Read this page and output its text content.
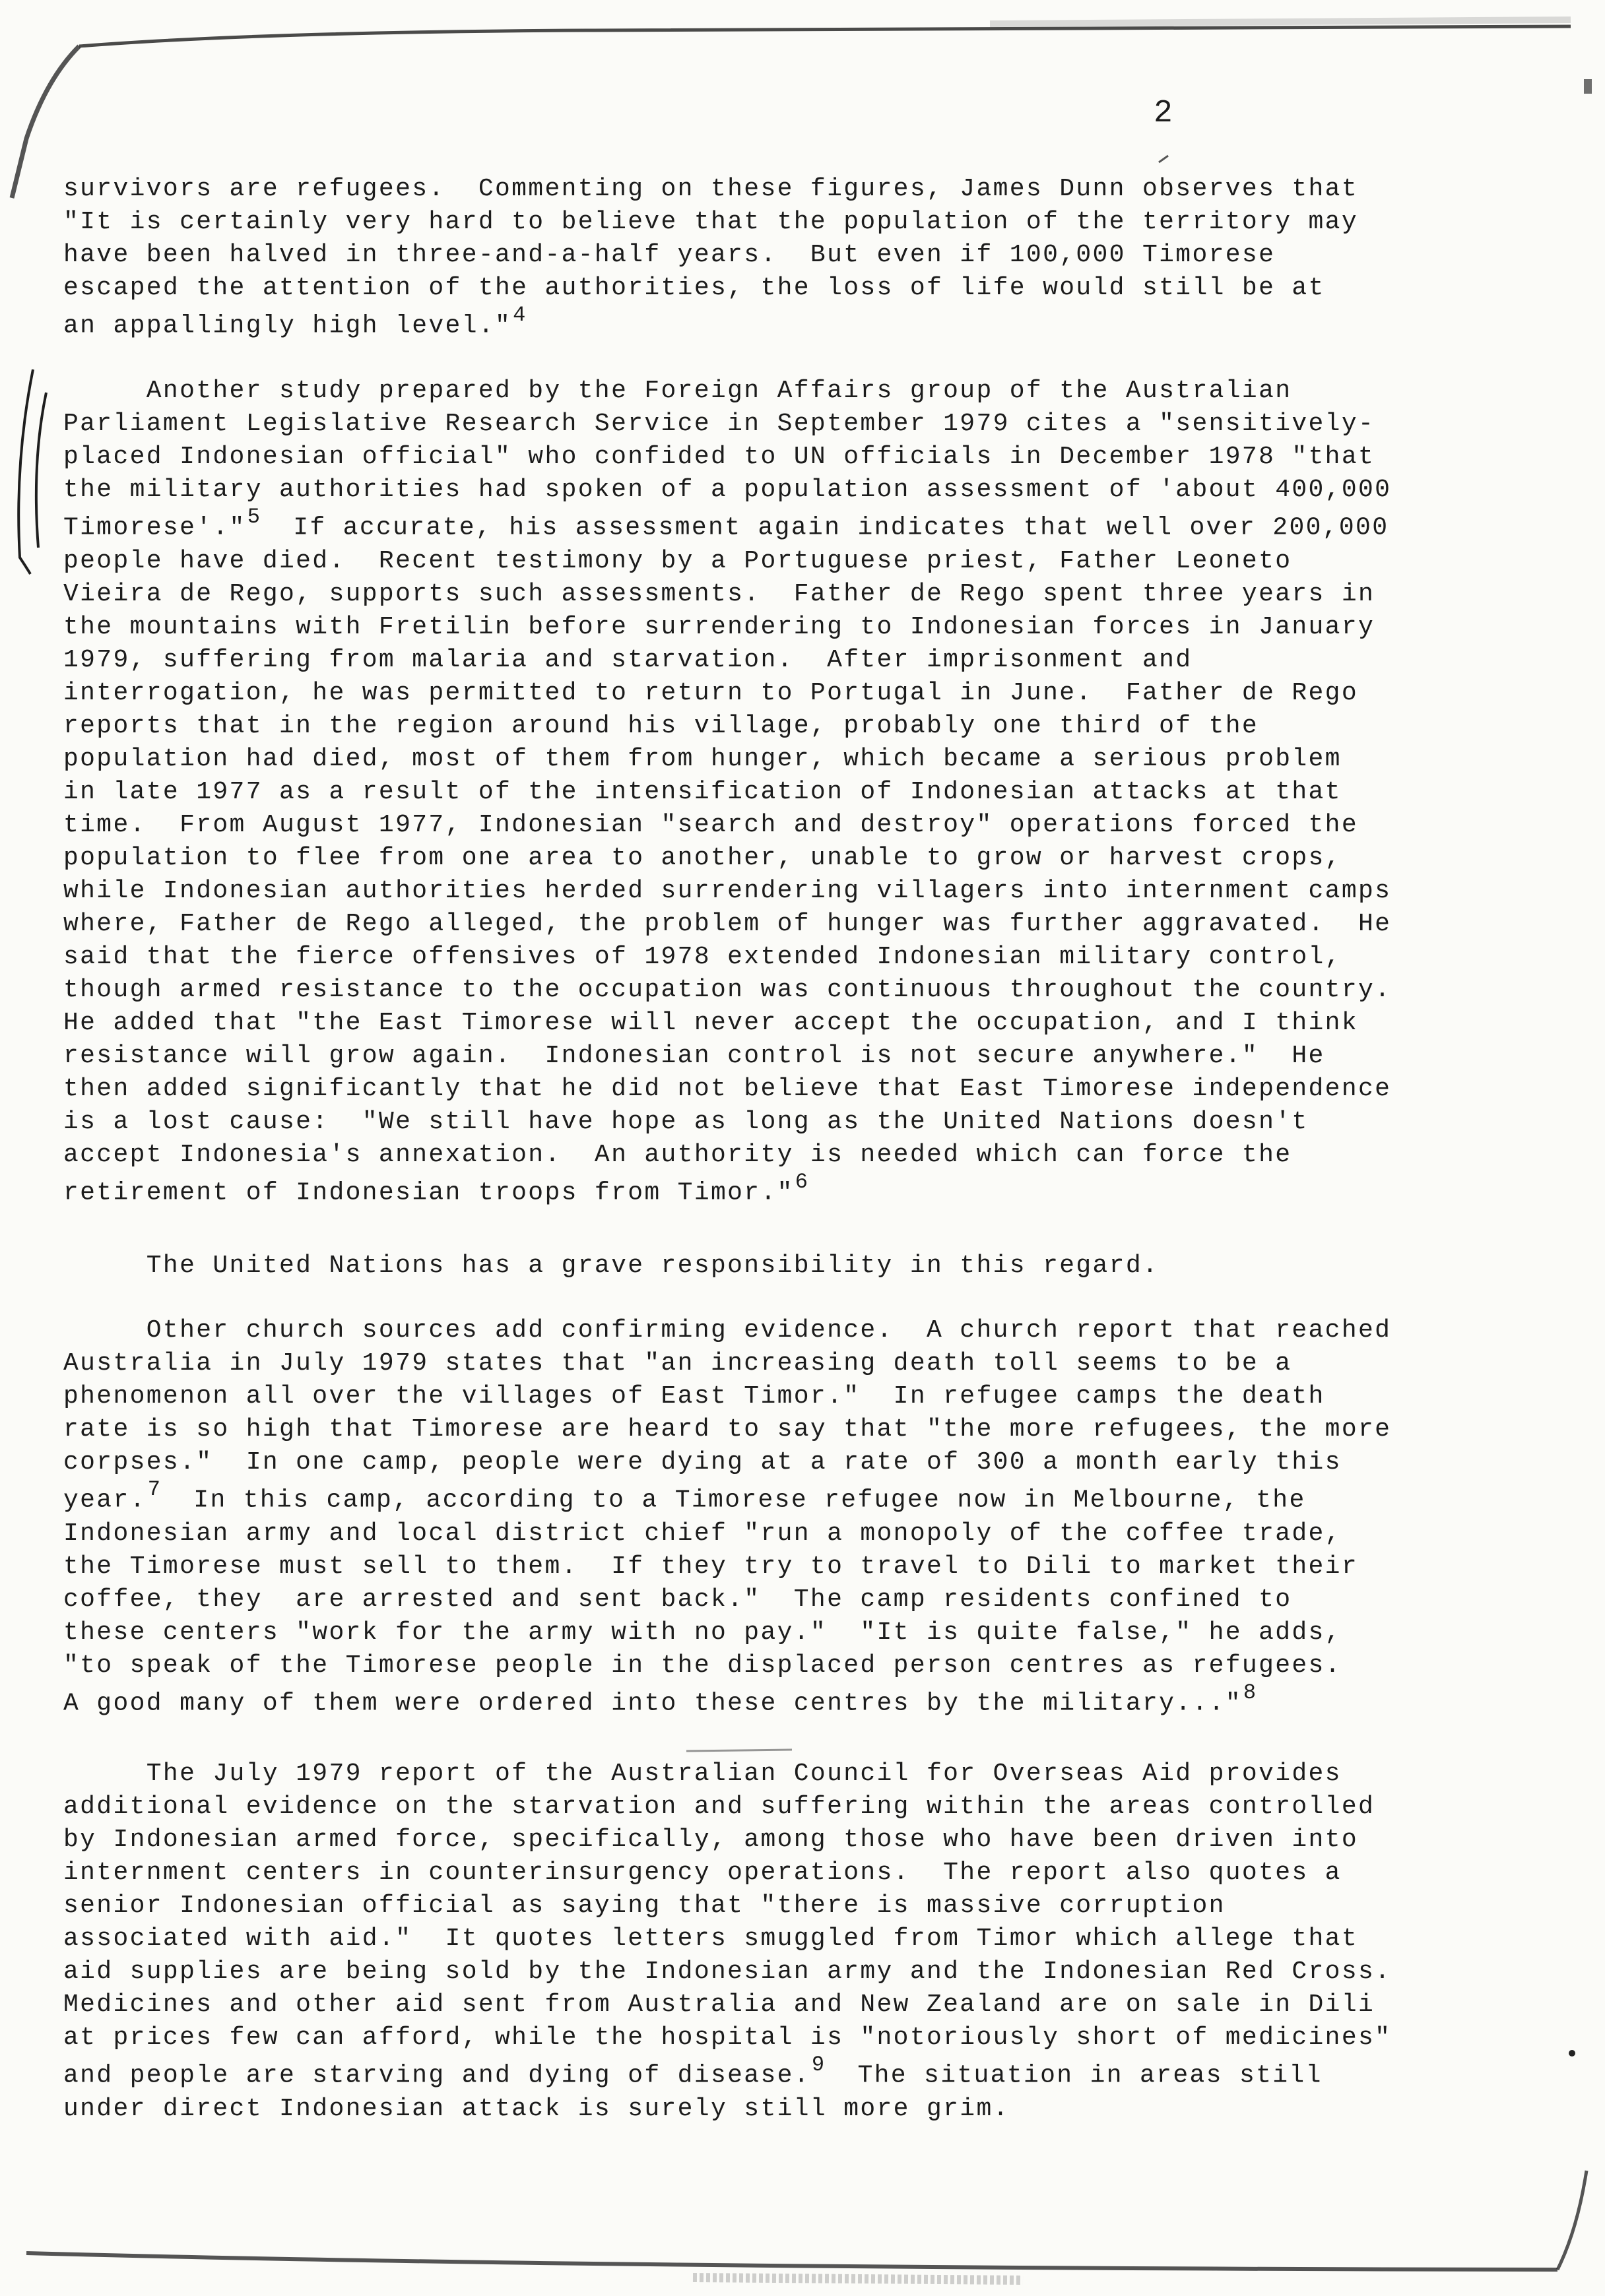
2

survivors are refugees.  Commenting on these figures, James Dunn observes that
"It is certainly very hard to believe that the population of the territory may
have been halved in three-and-a-half years.  But even if 100,000 Timorese
escaped the attention of the authorities, the loss of life would still be at
an appallingly high level."$^4$

Another study prepared by the Foreign Affairs group of the Australian
Parliament Legislative Research Service in September 1979 cites a "sensitively-
placed Indonesian official" who confided to UN officials in December 1978 "that
the military authorities had spoken of a population assessment of 'about 400,000
Timorese'."$^5$ If accurate, his assessment again indicates that well over 200,000
people have died.  Recent testimony by a Portuguese priest, Father Leoneto
Vieira de Rego, supports such assessments.  Father de Rego spent three years in
the mountains with Fretilin before surrendering to Indonesian forces in January
1979, suffering from malaria and starvation.  After imprisonment and
interrogation, he was permitted to return to Portugal in June.  Father de Rego
reports that in the region around his village, probably one third of the
population had died, most of them from hunger, which became a serious problem
in late 1977 as a result of the intensification of Indonesian attacks at that
time.  From August 1977, Indonesian "search and destroy" operations forced the
population to flee from one area to another, unable to grow or harvest crops,
while Indonesian authorities herded surrendering villagers into internment camps
where, Father de Rego alleged, the problem of hunger was further aggravated.  He
said that the fierce offensives of 1978 extended Indonesian military control,
though armed resistance to the occupation was continuous throughout the country.
He added that "the East Timorese will never accept the occupation, and I think
resistance will grow again.  Indonesian control is not secure anywhere."  He
then added significantly that he did not believe that East Timorese independence
is a lost cause:  "We still have hope as long as the United Nations doesn't
accept Indonesia's annexation.  An authority is needed which can force the
retirement of Indonesian troops from Timor."$^6$

The United Nations has a grave responsibility in this regard.

Other church sources add confirming evidence.  A church report that reached
Australia in July 1979 states that "an increasing death toll seems to be a
phenomenon all over the villages of East Timor."  In refugee camps the death
rate is so high that Timorese are heard to say that "the more refugees, the more
corpses."  In one camp, people were dying at a rate of 300 a month early this
year.$^7$ In this camp, according to a Timorese refugee now in Melbourne, the
Indonesian army and local district chief "run a monopoly of the coffee trade,
the Timorese must sell to them.  If they try to travel to Dili to market their
coffee, they  are arrested and sent back."  The camp residents confined to
these centers "work for the army with no pay."  "It is quite false," he adds,
"to speak of the Timorese people in the displaced person centres as refugees.
A good many of them were ordered into these centres by the military..."$^8$

The July 1979 report of the Australian Council for Overseas Aid provides
additional evidence on the starvation and suffering within the areas controlled
by Indonesian armed force, specifically, among those who have been driven into
internment centers in counterinsurgency operations.  The report also quotes a
senior Indonesian official as saying that "there is massive corruption
associated with aid."  It quotes letters smuggled from Timor which allege that
aid supplies are being sold by the Indonesian army and the Indonesian Red Cross.
Medicines and other aid sent from Australia and New Zealand are on sale in Dili
at prices few can afford, while the hospital is "notoriously short of medicines"
and people are starving and dying of disease.$^9$ The situation in areas still
under direct Indonesian attack is surely still more grim.
